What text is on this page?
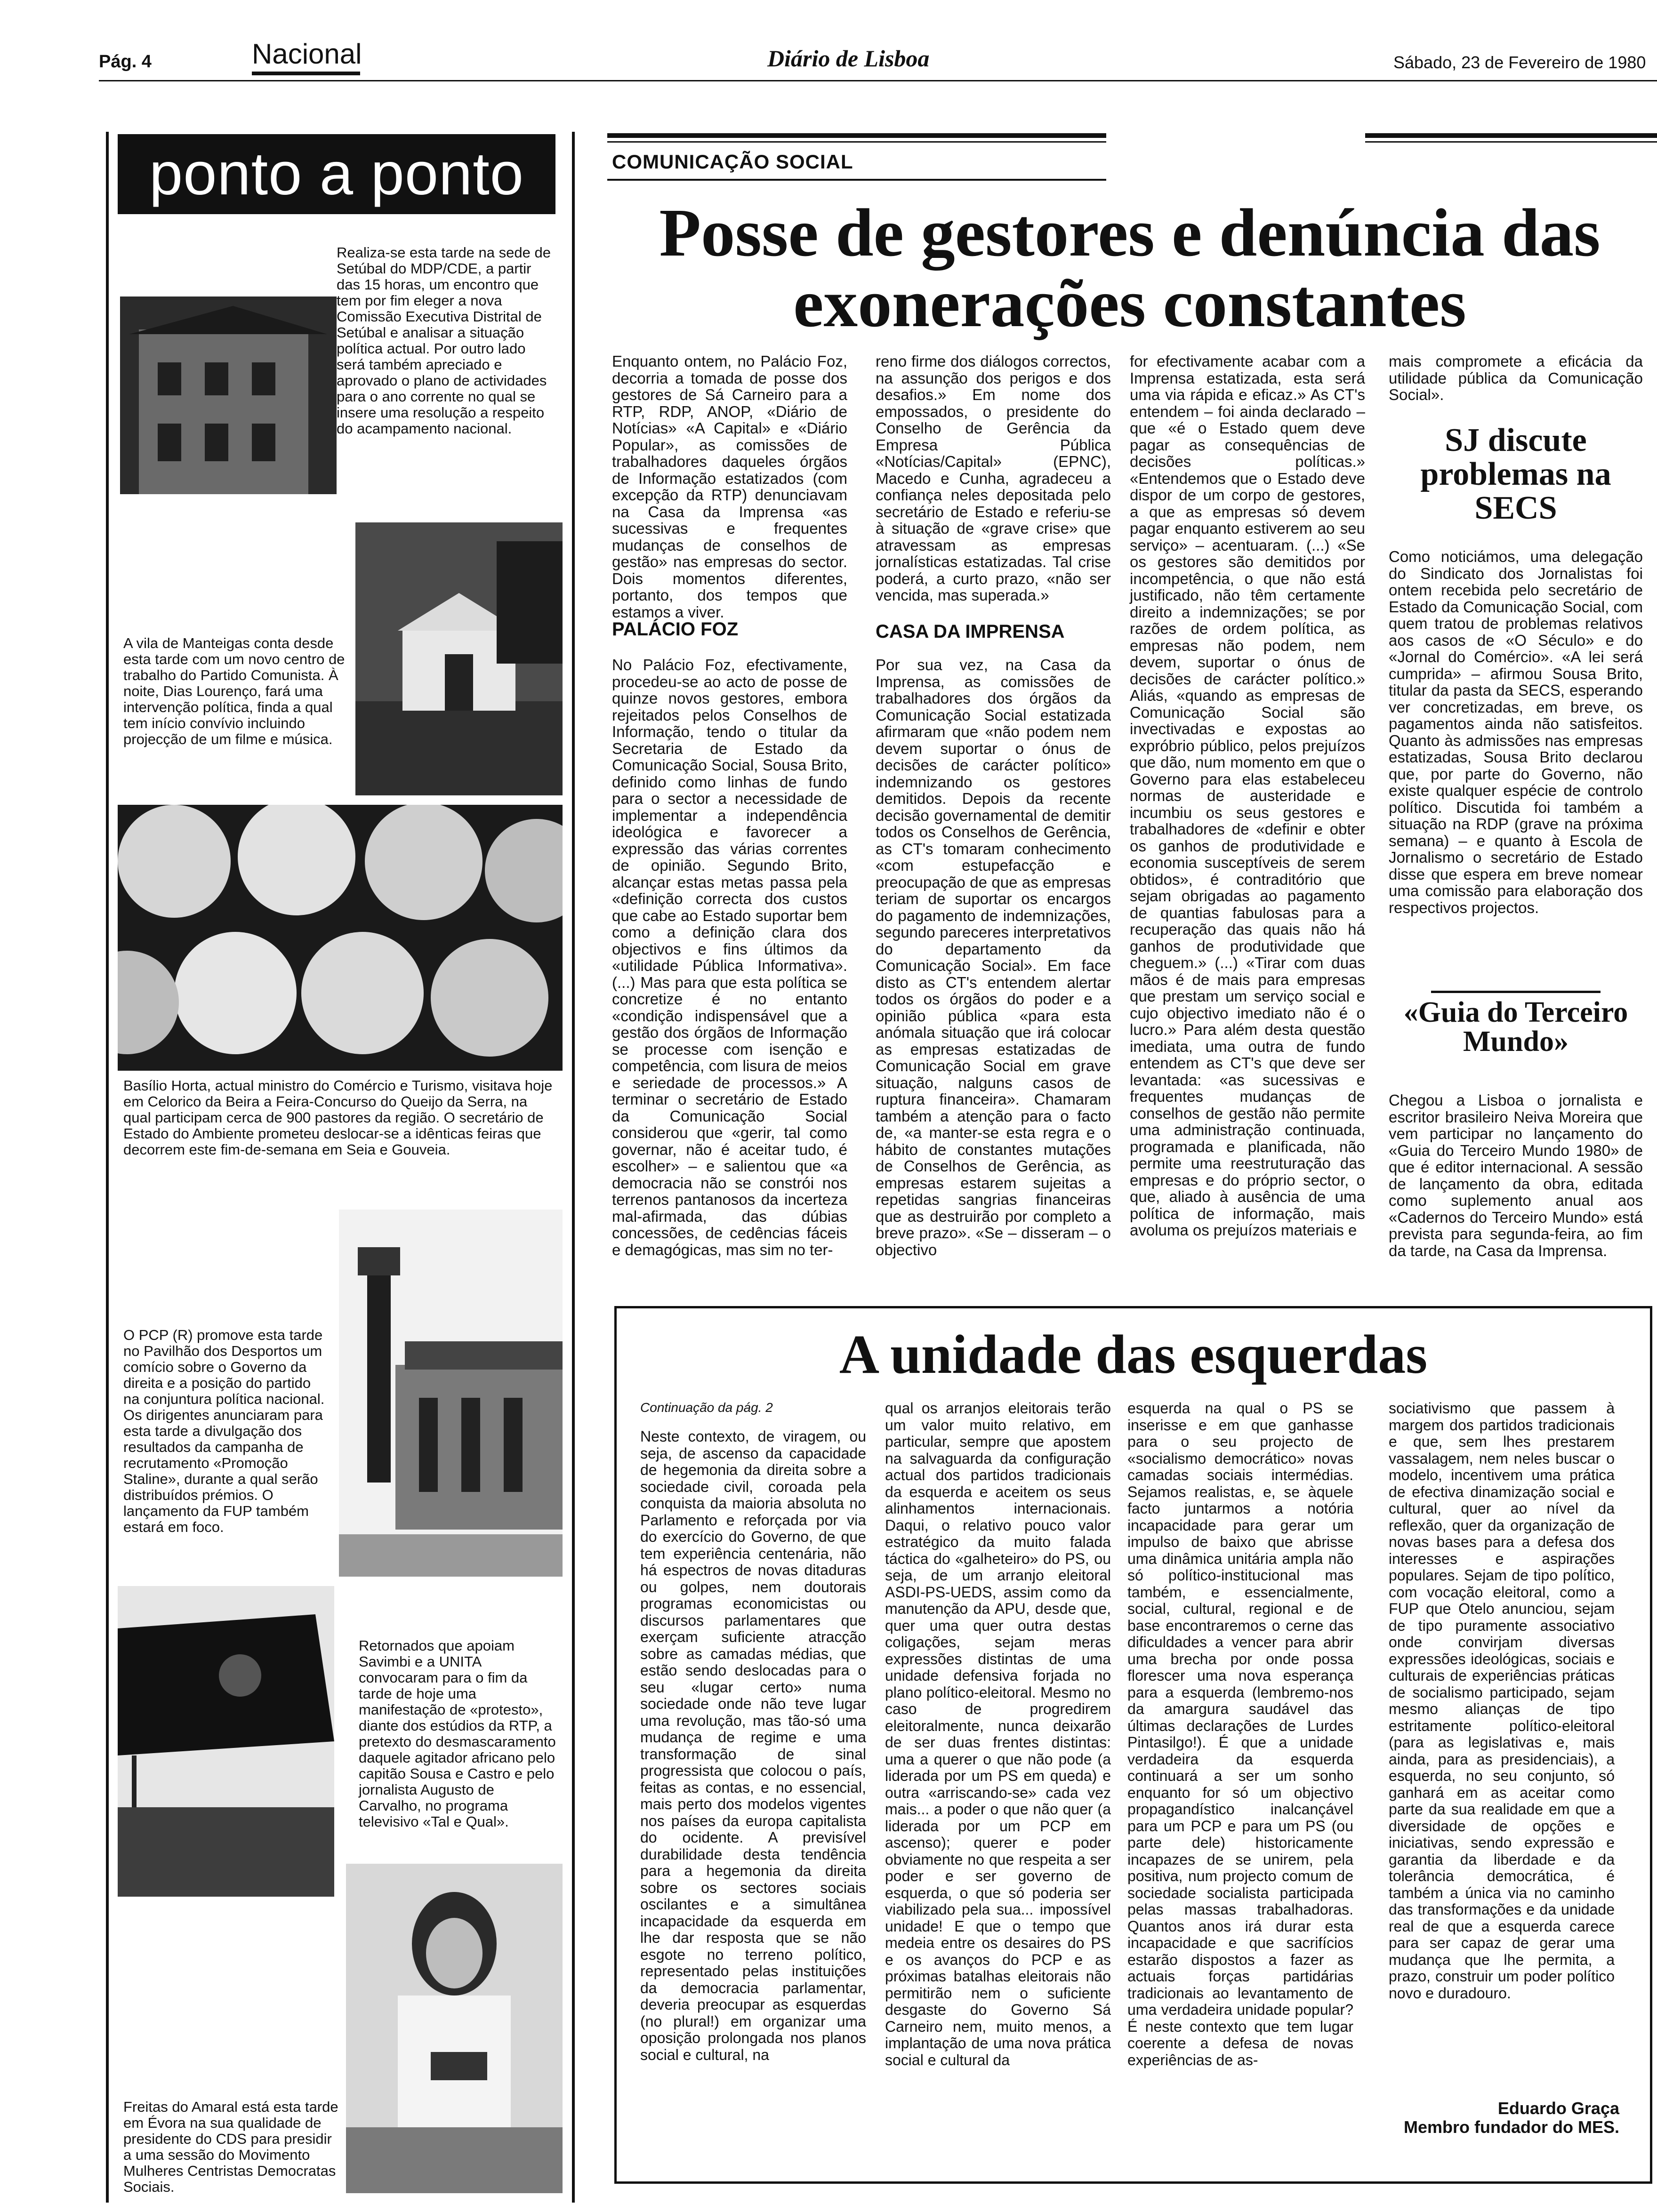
Pág. 4	Nacional	Diário de Lisboa	Sábado, 23 de Fevereiro de 1980
ponto a ponto
Realiza-se esta tarde na sede de Setúbal do MDP/CDE, a partir das 15 horas, um encontro que tem por fim eleger a nova Comissão Executiva Distrital de Setúbal e analisar a situação política actual. Por outro lado será também apreciado e aprovado o plano de actividades para o ano corrente no qual se insere uma resolução a respeito do acampamento nacional.
A vila de Manteigas conta desde esta tarde com um novo centro de trabalho do Partido Comunista. À noite, Dias Lourenço, fará uma intervenção política, finda a qual tem início convívio incluindo projecção de um filme e música.
Basílio Horta, actual ministro do Comércio e Turismo, visitava hoje em Celorico da Beira a Feira-Concurso do Queijo da Serra, na qual participam cerca de 900 pastores da região. O secretário de Estado do Ambiente prometeu deslocar-se a idênticas feiras que decorrem este fim-de-semana em Seia e Gouveia.
O PCP (R) promove esta tarde no Pavilhão dos Desportos um comício sobre o Governo da direita e a posição do partido na conjuntura política nacional. Os dirigentes anunciaram para esta tarde a divulgação dos resultados da campanha de recrutamento «Promoção Staline», durante a qual serão distribuídos prémios. O lançamento da FUP também estará em foco.
Retornados que apoiam Savimbi e a UNITA convocaram para o fim da tarde de hoje uma manifestação de «protesto», diante dos estúdios da RTP, a pretexto do desmascaramento daquele agitador africano pelo capitão Sousa e Castro e pelo jornalista Augusto de Carvalho, no programa televisivo «Tal e Qual».
Freitas do Amaral está esta tarde em Évora na sua qualidade de presidente do CDS para presidir a uma sessão do Movimento Mulheres Centristas Democratas Sociais.
COMUNICAÇÃO SOCIAL
Posse de gestores e denúncia das exonerações constantes
Enquanto ontem, no Palácio Foz, decorria a tomada de posse dos gestores de Sá Carneiro para a RTP, RDP, ANOP, «Diário de Notícias» «A Capital» e «Diário Popular», as comissões de trabalhadores daqueles órgãos de Informação estatizados (com excepção da RTP) denunciavam na Casa da Imprensa «as sucessivas e frequentes mudanças de conselhos de gestão» nas empresas do sector. Dois momentos diferentes, portanto, dos tempos que estamos a viver.
PALÁCIO FOZ
No Palácio Foz, efectivamente, procedeu-se ao acto de posse de quinze novos gestores, embora rejeitados pelos Conselhos de Informação, tendo o titular da Secretaria de Estado da Comunicação Social, Sousa Brito, definido como linhas de fundo para o sector a necessidade de implementar a independência ideológica e favorecer a expressão das várias correntes de opinião. Segundo Brito, alcançar estas metas passa pela «definição correcta dos custos que cabe ao Estado suportar bem como a definição clara dos objectivos e fins últimos da «utilidade Pública Informativa». (...) Mas para que esta política se concretize é no entanto «condição indispensável que a gestão dos órgãos de Informação se processe com isenção e competência, com lisura de meios e seriedade de processos.» A terminar o secretário de Estado da Comunicação Social considerou que «gerir, tal como governar, não é aceitar tudo, é escolher» – e salientou que «a democracia não se constrói nos terrenos pantanosos da incerteza mal-afirmada, das dúbias concessões, de cedências fáceis e demagógicas, mas sim no ter-
reno firme dos diálogos correctos, na assunção dos perigos e dos desafios.» Em nome dos empossados, o presidente do Conselho de Gerência da Empresa Pública «Notícias/Capital» (EPNC), Macedo e Cunha, agradeceu a confiança neles depositada pelo secretário de Estado e referiu-se à situação de «grave crise» que atravessam as empresas jornalísticas estatizadas. Tal crise poderá, a curto prazo, «não ser vencida, mas superada.»
CASA DA IMPRENSA
Por sua vez, na Casa da Imprensa, as comissões de trabalhadores dos órgãos da Comunicação Social estatizada afirmaram que «não podem nem devem suportar o ónus de decisões de carácter político» indemnizando os gestores demitidos. Depois da recente decisão governamental de demitir todos os Conselhos de Gerência, as CT's tomaram conhecimento «com estupefacção e preocupação de que as empresas teriam de suportar os encargos do pagamento de indemnizações, segundo pareceres interpretativos do departamento da Comunicação Social». Em face disto as CT's entendem alertar todos os órgãos do poder e a opinião pública «para esta anómala situação que irá colocar as empresas estatizadas de Comunicação Social em grave situação, nalguns casos de ruptura financeira». Chamaram também a atenção para o facto de, «a manter-se esta regra e o hábito de constantes mutações de Conselhos de Gerência, as empresas estarem sujeitas a repetidas sangrias financeiras que as destruirão por completo a breve prazo». «Se – disseram – o objectivo
for efectivamente acabar com a Imprensa estatizada, esta será uma via rápida e eficaz.» As CT's entendem – foi ainda declarado – que «é o Estado quem deve pagar as consequências de decisões políticas.» «Entendemos que o Estado deve dispor de um corpo de gestores, a que as empresas só devem pagar enquanto estiverem ao seu serviço» – acentuaram. (...) «Se os gestores são demitidos por incompetência, o que não está justificado, não têm certamente direito a indemnizações; se por razões de ordem política, as empresas não podem, nem devem, suportar o ónus de decisões de carácter político.» Aliás, «quando as empresas de Comunicação Social são invectivadas e expostas ao expróbrio público, pelos prejuízos que dão, num momento em que o Governo para elas estabeleceu normas de austeridade e incumbiu os seus gestores e trabalhadores de «definir e obter os ganhos de produtividade e economia susceptíveis de serem obtidos», é contraditório que sejam obrigadas ao pagamento de quantias fabulosas para a recuperação das quais não há ganhos de produtividade que cheguem.» (...) «Tirar com duas mãos é de mais para empresas que prestam um serviço social e cujo objectivo imediato não é o lucro.» Para além desta questão imediata, uma outra de fundo entendem as CT's que deve ser levantada: «as sucessivas e frequentes mudanças de conselhos de gestão não permite uma administração continuada, programada e planificada, não permite uma reestruturação das empresas e do próprio sector, o que, aliado à ausência de uma política de informação, mais avoluma os prejuízos materiais e
mais compromete a eficácia da utilidade pública da Comunicação Social».
SJ discute problemas na SECS
Como noticiámos, uma delegação do Sindicato dos Jornalistas foi ontem recebida pelo secretário de Estado da Comunicação Social, com quem tratou de problemas relativos aos casos de «O Século» e do «Jornal do Comércio». «A lei será cumprida» – afirmou Sousa Brito, titular da pasta da SECS, esperando ver concretizadas, em breve, os pagamentos ainda não satisfeitos. Quanto às admissões nas empresas estatizadas, Sousa Brito declarou que, por parte do Governo, não existe qualquer espécie de controlo político. Discutida foi também a situação na RDP (grave na próxima semana) – e quanto à Escola de Jornalismo o secretário de Estado disse que espera em breve nomear uma comissão para elaboração dos respectivos projectos.
«Guia do Terceiro Mundo»
Chegou a Lisboa o jornalista e escritor brasileiro Neiva Moreira que vem participar no lançamento do «Guia do Terceiro Mundo 1980» de que é editor internacional. A sessão de lançamento da obra, editada como suplemento anual aos «Cadernos do Terceiro Mundo» está prevista para segunda-feira, ao fim da tarde, na Casa da Imprensa.
A unidade das esquerdas
Continuação da pág. 2
Neste contexto, de viragem, ou seja, de ascenso da capacidade de hegemonia da direita sobre a sociedade civil, coroada pela conquista da maioria absoluta no Parlamento e reforçada por via do exercício do Governo, de que tem experiência centenária, não há espectros de novas ditaduras ou golpes, nem doutorais programas economicistas ou discursos parlamentares que exerçam suficiente atracção sobre as camadas médias, que estão sendo deslocadas para o seu «lugar certo» numa sociedade onde não teve lugar uma revolução, mas tão-só uma mudança de regime e uma transformação de sinal progressista que colocou o país, feitas as contas, e no essencial, mais perto dos modelos vigentes nos países da europa capitalista do ocidente. A previsível durabilidade desta tendência para a hegemonia da direita sobre os sectores sociais oscilantes e a simultânea incapacidade da esquerda em lhe dar resposta que se não esgote no terreno político, representado pelas instituições da democracia parlamentar, deveria preocupar as esquerdas (no plural!) em organizar uma oposição prolongada nos planos social e cultural, na
qual os arranjos eleitorais terão um valor muito relativo, em particular, sempre que apostem na salvaguarda da configuração actual dos partidos tradicionais da esquerda e aceitem os seus alinhamentos internacionais. Daqui, o relativo pouco valor estratégico da muito falada táctica do «galheteiro» do PS, ou seja, de um arranjo eleitoral ASDI-PS-UEDS, assim como da manutenção da APU, desde que, quer uma quer outra destas coligações, sejam meras expressões distintas de uma unidade defensiva forjada no plano político-eleitoral. Mesmo no caso de progredirem eleitoralmente, nunca deixarão de ser duas frentes distintas: uma a querer o que não pode (a liderada por um PS em queda) e outra «arriscando-se» cada vez mais... a poder o que não quer (a liderada por um PCP em ascenso); querer e poder obviamente no que respeita a ser poder e ser governo de esquerda, o que só poderia ser viabilizado pela sua... impossível unidade! E que o tempo que medeia entre os desaires do PS e os avanços do PCP e as próximas batalhas eleitorais não permitirão nem o suficiente desgaste do Governo Sá Carneiro nem, muito menos, a implantação de uma nova prática social e cultural da
esquerda na qual o PS se inserisse e em que ganhasse para o seu projecto de «socialismo democrático» novas camadas sociais intermédias. Sejamos realistas, e, se àquele facto juntarmos a notória incapacidade para gerar um impulso de baixo que abrisse uma dinâmica unitária ampla não só político-institucional mas também, e essencialmente, social, cultural, regional e de base encontraremos o cerne das dificuldades a vencer para abrir uma brecha por onde possa florescer uma nova esperança para a esquerda (lembremo-nos da amargura saudável das últimas declarações de Lurdes Pintasilgo!). É que a unidade verdadeira da esquerda continuará a ser um sonho enquanto for só um objectivo propagandístico inalcançável para um PCP e para um PS (ou parte dele) historicamente incapazes de se unirem, pela positiva, num projecto comum de sociedade socialista participada pelas massas trabalhadoras. Quantos anos irá durar esta incapacidade e que sacrifícios estarão dispostos a fazer as actuais forças partidárias tradicionais ao levantamento de uma verdadeira unidade popular? É neste contexto que tem lugar coerente a defesa de novas experiências de as-
sociativismo que passem à margem dos partidos tradicionais e que, sem lhes prestarem vassalagem, nem neles buscar o modelo, incentivem uma prática de efectiva dinamização social e cultural, quer ao nível da reflexão, quer da organização de novas bases para a defesa dos interesses e aspirações populares. Sejam de tipo político, com vocação eleitoral, como a FUP que Otelo anunciou, sejam de tipo puramente associativo onde convirjam diversas expressões ideológicas, sociais e culturais de experiências práticas de socialismo participado, sejam mesmo alianças de tipo estritamente político-eleitoral (para as legislativas e, mais ainda, para as presidenciais), a esquerda, no seu conjunto, só ganhará em as aceitar como parte da sua realidade em que a diversidade de opções e iniciativas, sendo expressão e garantia da liberdade e da tolerância democrática, é também a única via no caminho das transformações e da unidade real de que a esquerda carece para ser capaz de gerar uma mudança que lhe permita, a prazo, construir um poder político novo e duradouro.
Eduardo Graça
Membro fundador do MES.
